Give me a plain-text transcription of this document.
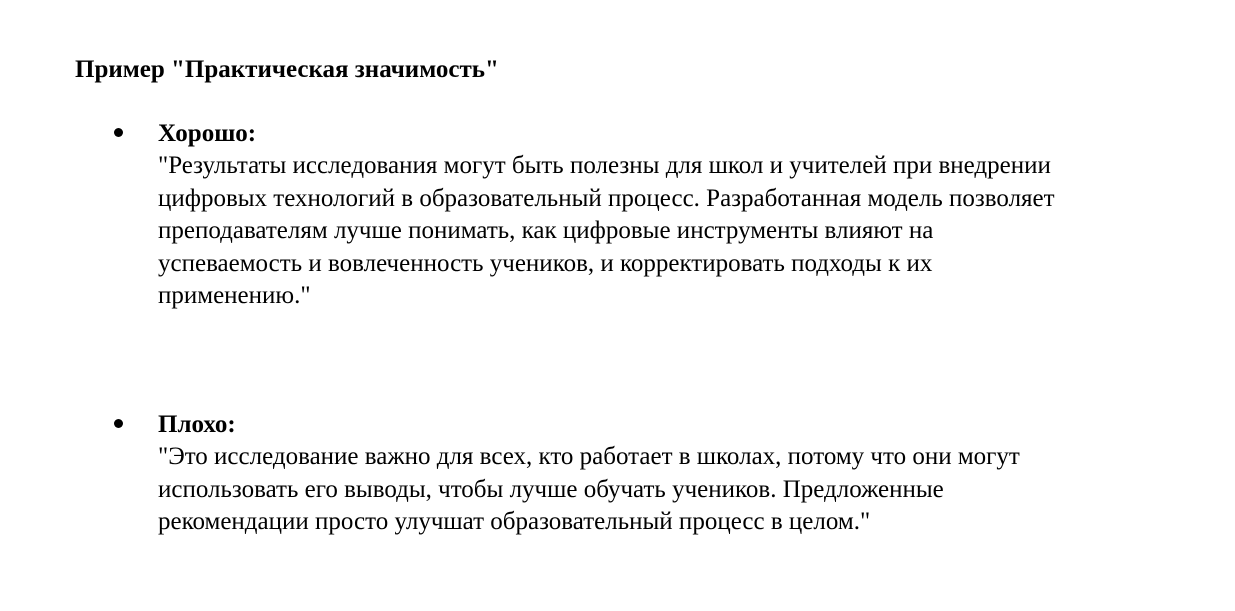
Пример "Практическая значимость"
Хорошо:

"Результаты исследования могут быть полезны для школ и учителей при внедрении
цифровых технологий в образовательный процесс. Разработанная модель позволяет
преподавателям лучше понимать, как цифровые инструменты влияют на
успеваемость и вовлеченность учеников, и корректировать подходы к их
применению."

Плохо:

"Это исследование важно для всех, кто работает в школах, потому что они могут
использовать его выводы, чтобы лучше обучать учеников. Предложенные
рекомендации просто улучшат образовательный процесс в целом."
